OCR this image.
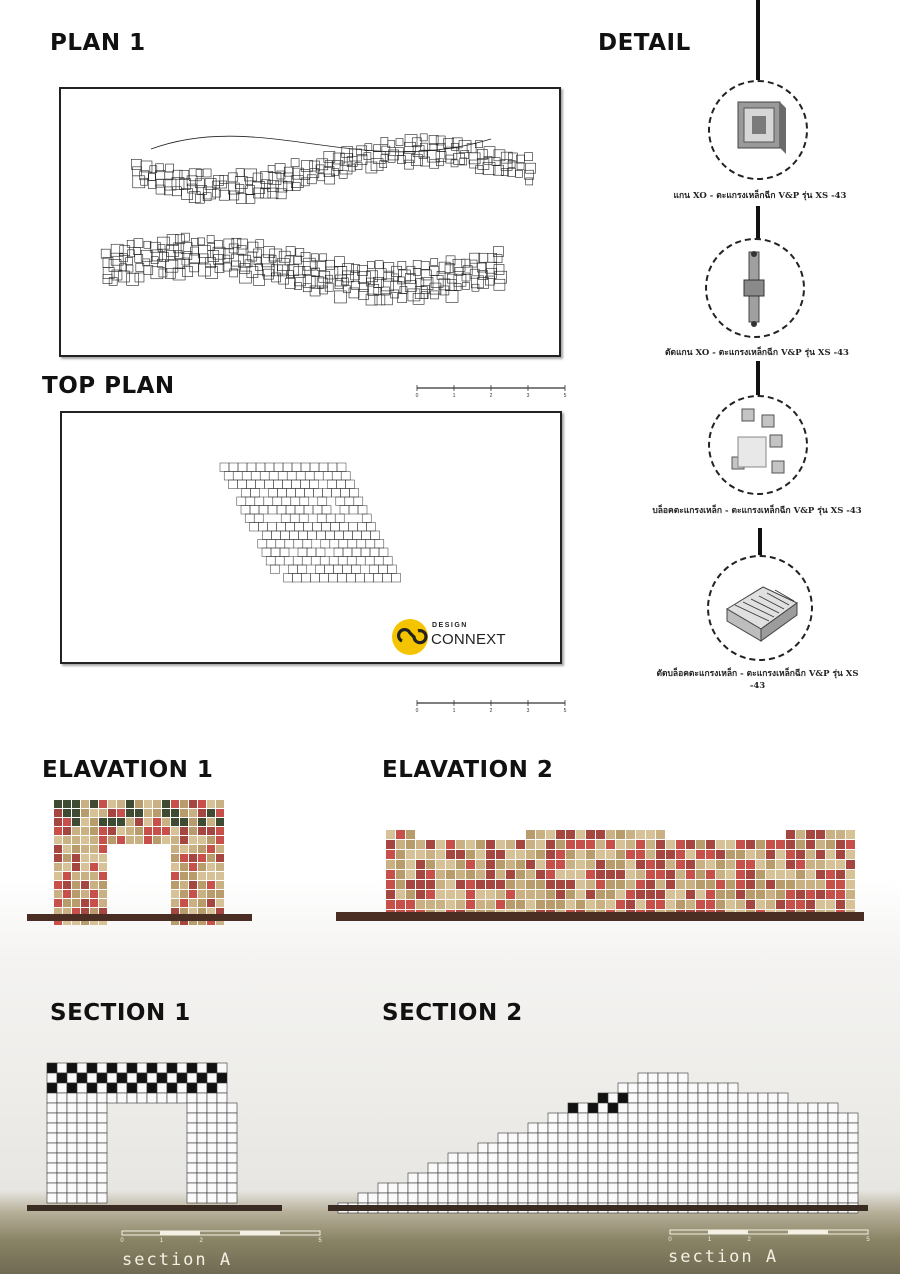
PLAN 1	DETAIL
TOP PLAN
ELAVATION 1	ELAVATION 2
SECTION 1	SECTION 2
0	1	2	3	5
0	1	2	3	5
DESIGN
CONNEXT
แกน XO - ตะแกรงเหล็กฉีก V&P รุ่น XS -43
ตัดแกน XO - ตะแกรงเหล็กฉีก V&P รุ่น XS -43
บล็อคตะแกรงเหล็ก - ตะแกรงเหล็กฉีก V&P รุ่น XS -43
ตัดบล็อคตะแกรงเหล็ก - ตะแกรงเหล็กฉีก V&P รุ่น XS -43
0	1	2	5	0	1	2	5
section A	section A
